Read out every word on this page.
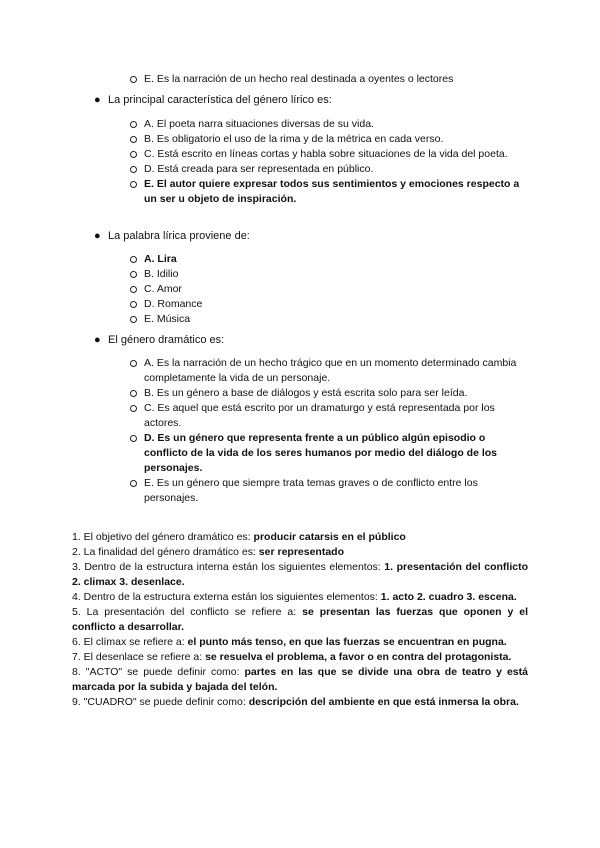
E. Es la narración de un hecho real destinada a oyentes o lectores
● La principal característica del género lírico es:
A. El poeta narra situaciones diversas de su vida.
B. Es obligatorio el uso de la rima y de la métrica en cada verso.
C. Está escrito en líneas cortas y habla sobre situaciones de la vida del poeta.
D. Está creada para ser representada en público.
E. El autor quiere expresar todos sus sentimientos y emociones respecto a un ser u objeto de inspiración.
● La palabra lírica proviene de:
A. Lira
B. Idilio
C. Amor
D. Romance
E. Música
● El género dramático es:
A. Es la narración de un hecho trágico que en un momento determinado cambia completamente la vida de un personaje.
B. Es un género a base de diálogos y está escrita solo para ser leída.
C. Es aquel que está escrito por un dramaturgo y está representada por los actores.
D. Es un género que representa frente a un público algún episodio o conflicto de la vida de los seres humanos por medio del diálogo de los personajes.
E. Es un género que siempre trata temas graves o de conflicto entre los personajes.

1. El objetivo del género dramático es: producir catarsis en el público

2. La finalidad del género dramático es: ser representado

3. Dentro de la estructura interna están los siguientes elementos: 1. presentación del conflicto 2. climax 3. desenlace.

4. Dentro de la estructura externa están los siguientes elementos: 1. acto 2. cuadro 3. escena.

5. La presentación del conflicto se refiere a: se presentan las fuerzas que oponen y el conflicto a desarrollar.

6. El clímax se refiere a: el punto más tenso, en que las fuerzas se encuentran en pugna.

7. El desenlace se refiere a: se resuelva el problema, a favor o en contra del protagonista.

8. "ACTO" se puede definir como: partes en las que se divide una obra de teatro y está marcada por la subida y bajada del telón.

9. "CUADRO" se puede definir como: descripción del ambiente en que está inmersa la obra.
